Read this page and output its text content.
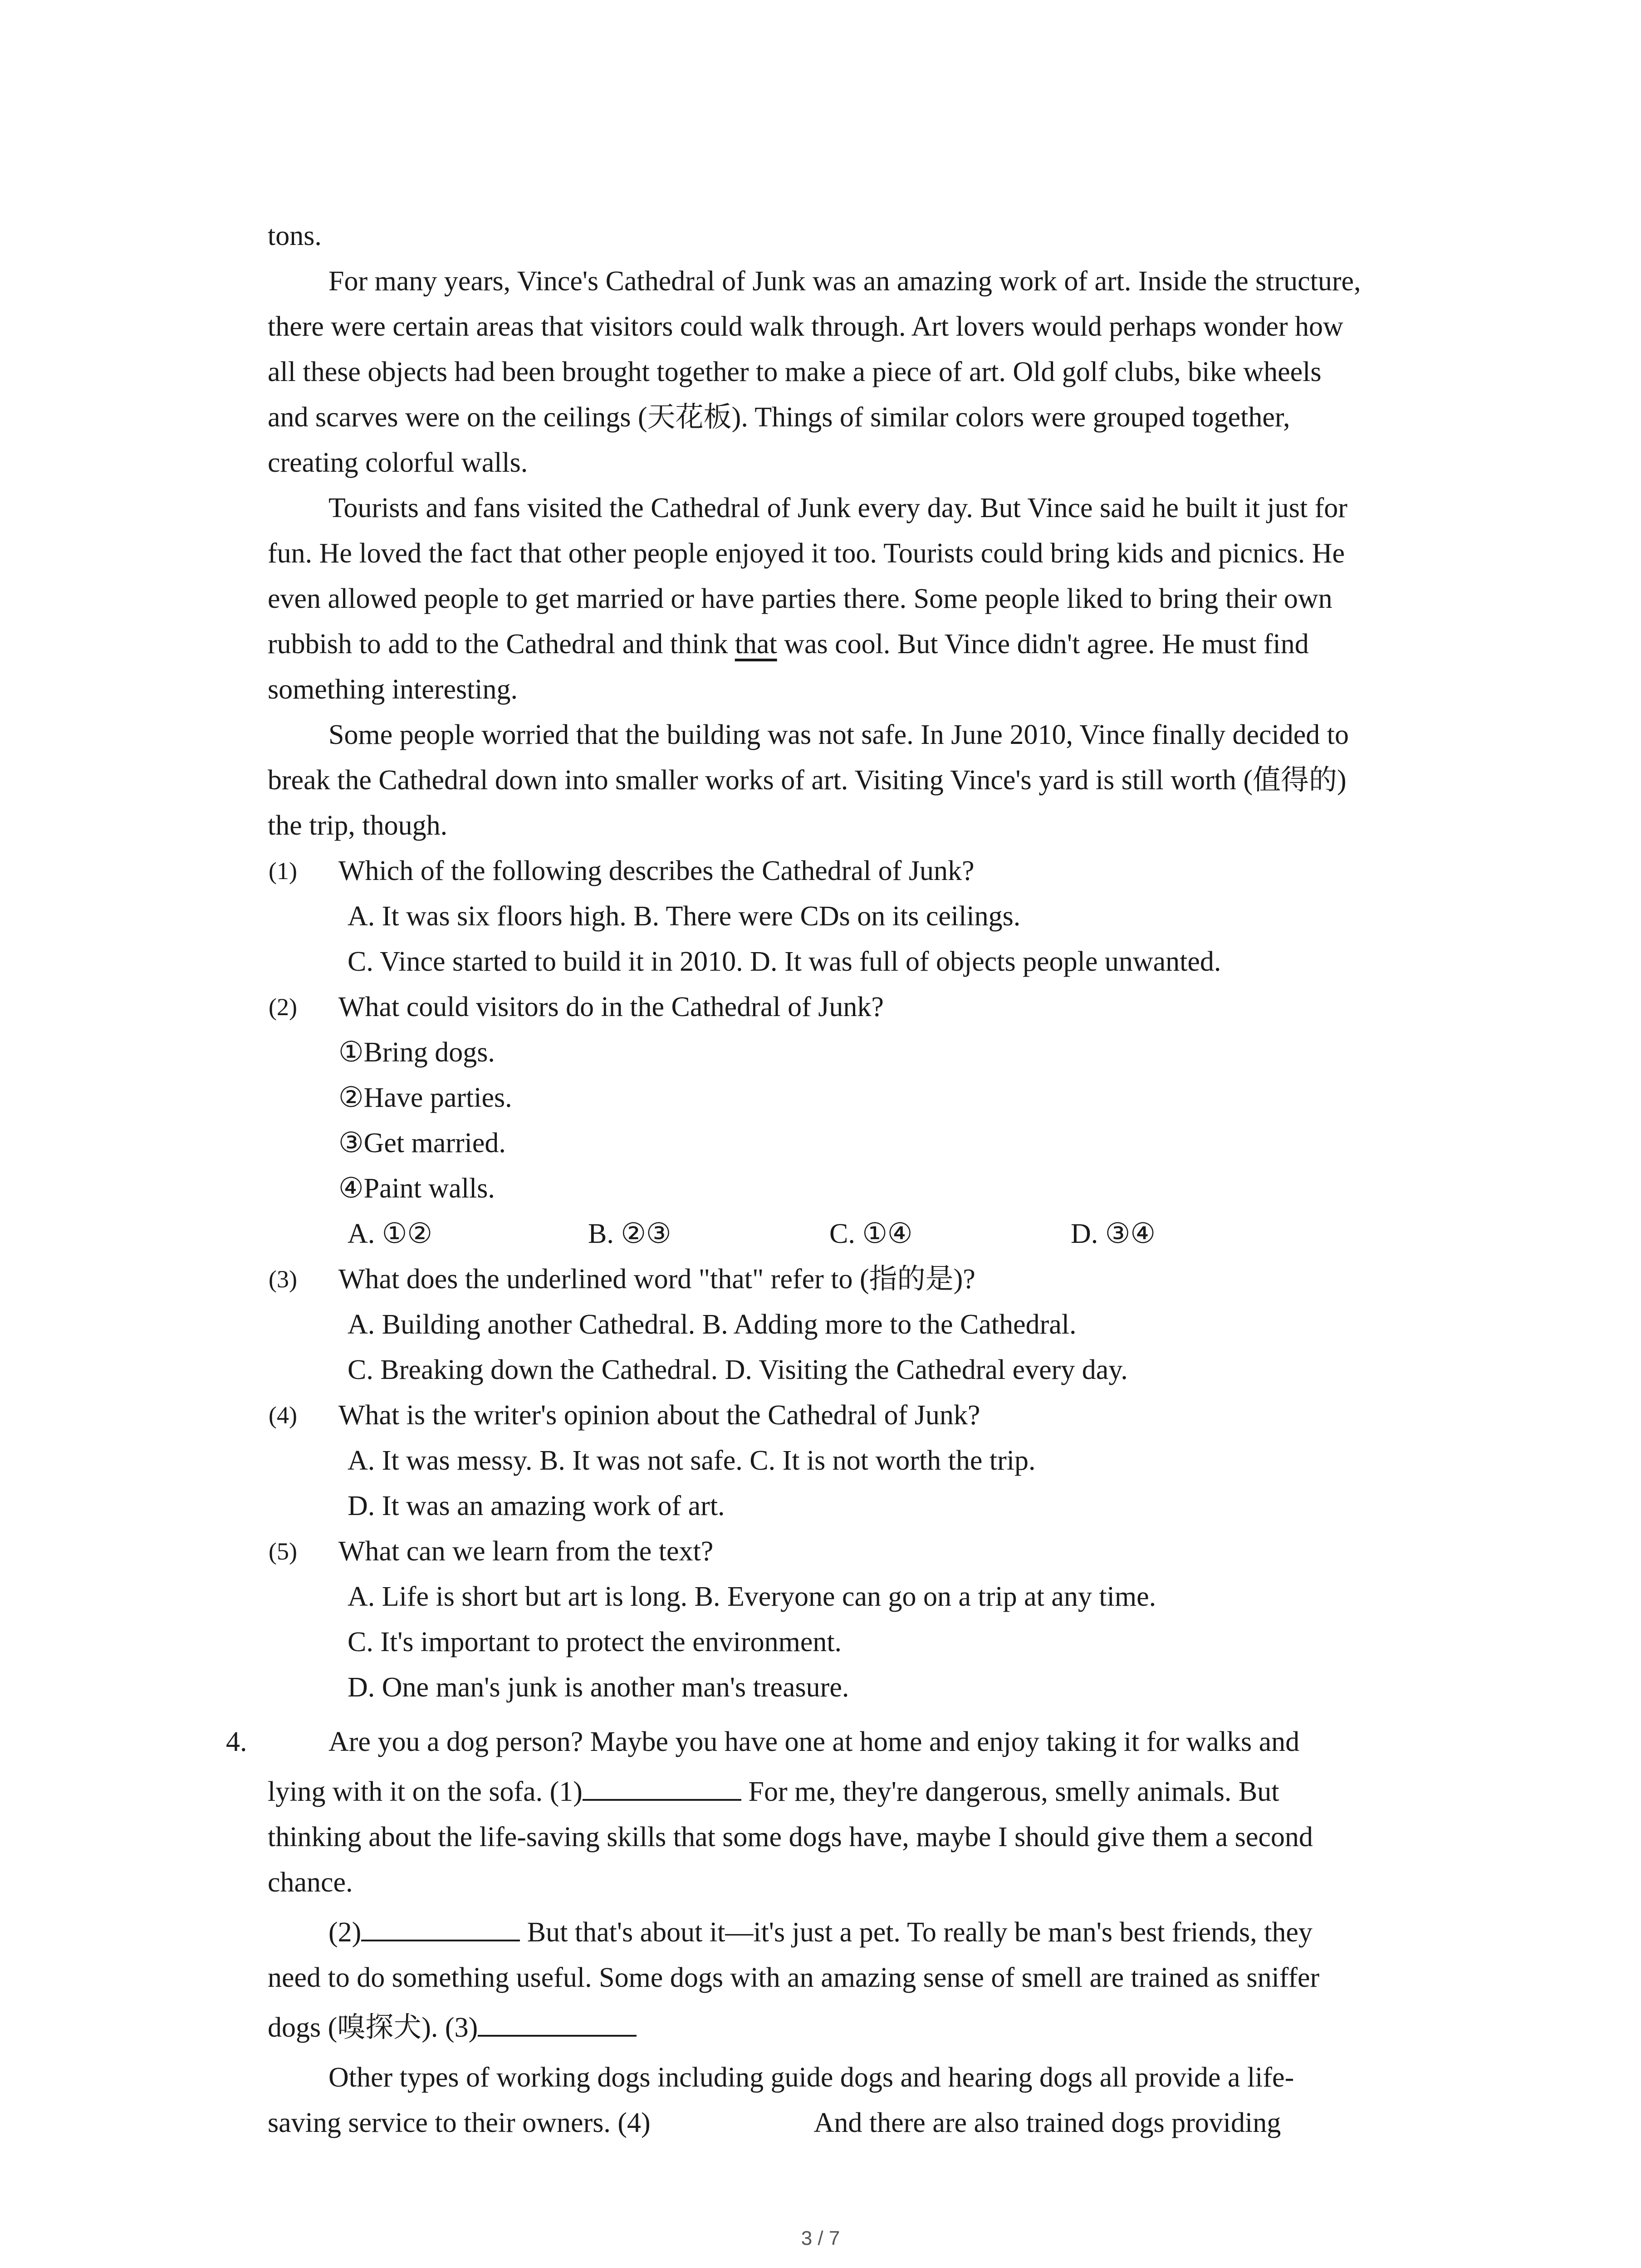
tons.
For many years, Vince's Cathedral of Junk was an amazing work of art. Inside the structure,
there were certain areas that visitors could walk through. Art lovers would perhaps wonder how
all these objects had been brought together to make a piece of art. Old golf clubs, bike wheels
and scarves were on the ceilings (天花板). Things of similar colors were grouped together,
creating colorful walls.
Tourists and fans visited the Cathedral of Junk every day. But Vince said he built it just for
fun. He loved the fact that other people enjoyed it too. Tourists could bring kids and picnics. He
even allowed people to get married or have parties there. Some people liked to bring their own
rubbish to add to the Cathedral and think that was cool. But Vince didn't agree. He must find
something interesting.
Some people worried that the building was not safe. In June 2010, Vince finally decided to
break the Cathedral down into smaller works of art. Visiting Vince's yard is still worth (值得的)
the trip, though.
(1) Which of the following describes the Cathedral of Junk?
A. It was six floors high. B. There were CDs on its ceilings.
C. Vince started to build it in 2010. D. It was full of objects people unwanted.
(2) What could visitors do in the Cathedral of Junk?
①Bring dogs.
②Have parties.
③Get married.
④Paint walls.
A. ①②	B. ②③	C. ①④	D. ③④
(3) What does the underlined word "that" refer to (指的是)?
A. Building another Cathedral. B. Adding more to the Cathedral.
C. Breaking down the Cathedral. D. Visiting the Cathedral every day.
(4) What is the writer's opinion about the Cathedral of Junk?
A. It was messy. B. It was not safe. C. It is not worth the trip.
D. It was an amazing work of art.
(5) What can we learn from the text?
A. Life is short but art is long. B. Everyone can go on a trip at any time.
C. It's important to protect the environment.
D. One man's junk is another man's treasure.
4.	Are you a dog person? Maybe you have one at home and enjoy taking it for walks and
lying with it on the sofa. (1)	For me, they're dangerous, smelly animals. But
thinking about the life-saving skills that some dogs have, maybe I should give them a second
chance.
(2)	But that's about it—it's just a pet. To really be man's best friends, they
need to do something useful. Some dogs with an amazing sense of smell are trained as sniffer
dogs (嗅探犬). (3)
Other types of working dogs including guide dogs and hearing dogs all provide a life-
saving service to their owners. (4)	And there are also trained dogs providing
3 / 7
